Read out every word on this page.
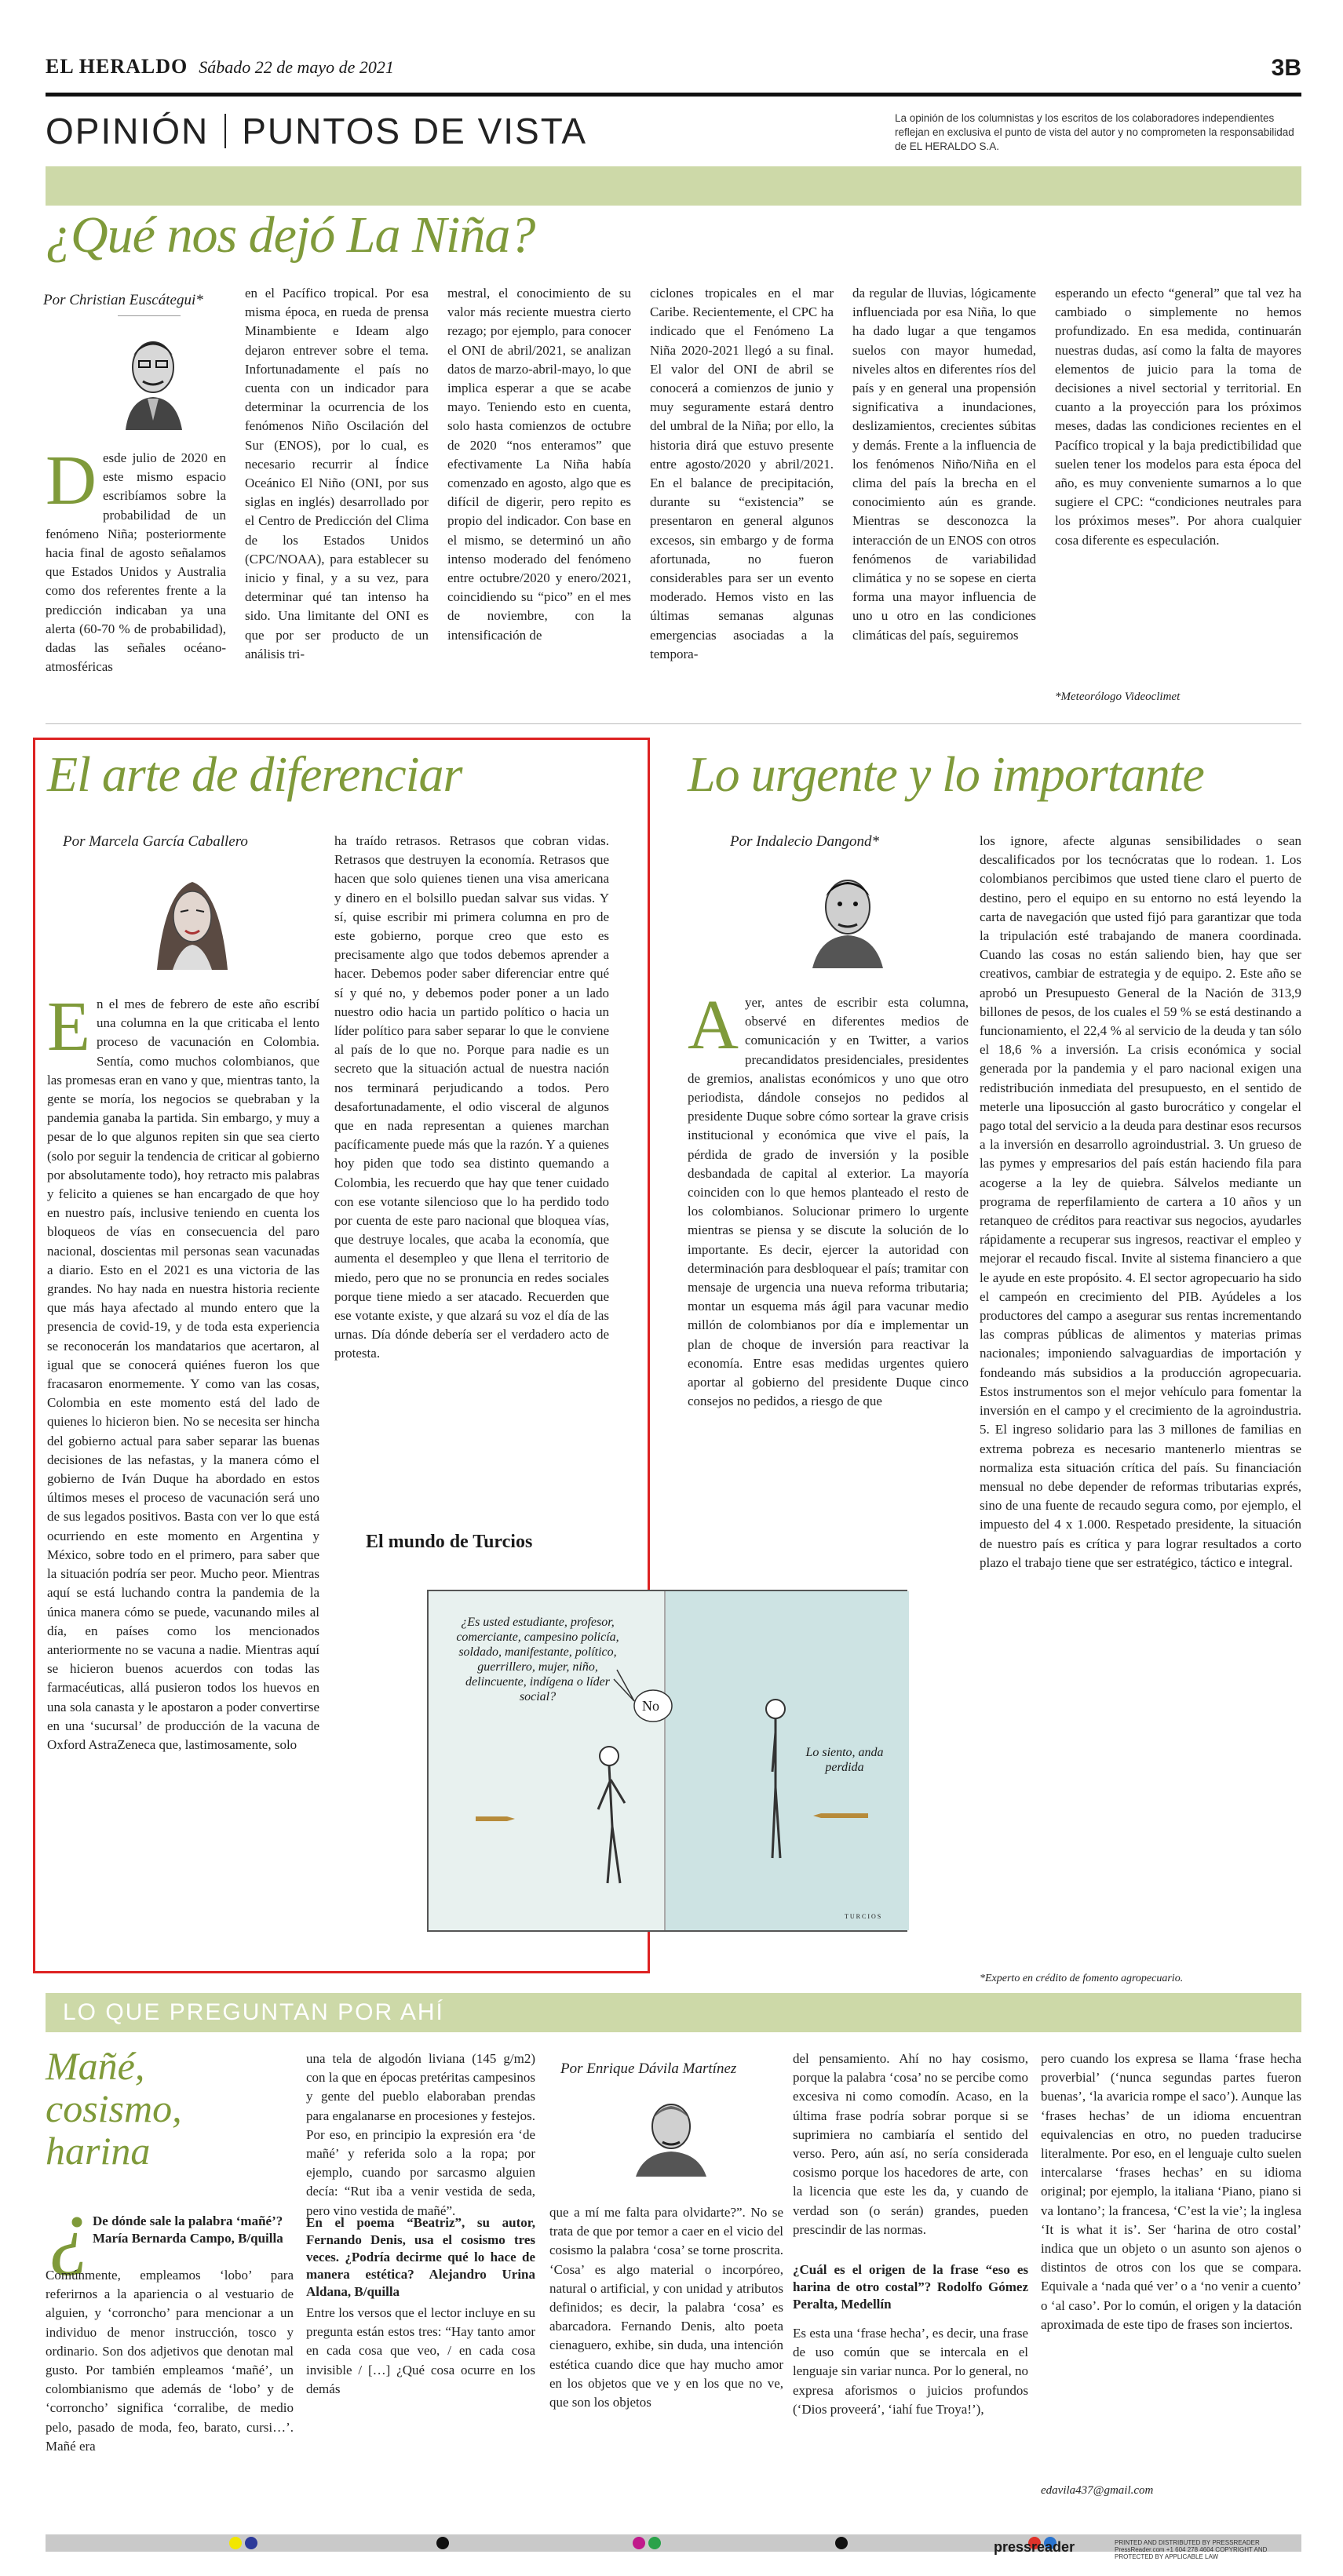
EL HERALDO Sábado 22 de mayo de 2021	3B
OPINIÓN PUNTOS DE VISTA	La opinión de los columnistas y los escritos de los colaboradores independientes reflejan en exclusiva el punto de vista del autor y no comprometen la responsabilidad de EL HERALDO S.A.
¿Qué nos dejó La Niña?
Por Christian Euscátegui*
Desde julio de 2020 en este mismo espacio escribíamos sobre la probabilidad de un fenómeno Niña; posteriormente hacia final de agosto señalamos que Estados Unidos y Australia como dos referentes frente a la predicción indicaban ya una alerta (60-70 % de probabilidad), dadas las señales océano-atmosféricas
en el Pacífico tropical. Por esa misma época, en rueda de prensa Minambiente e Ideam algo dejaron entrever sobre el tema. Infortunadamente el país no cuenta con un indicador para determinar la ocurrencia de los fenómenos Niño Oscilación del Sur (ENOS), por lo cual, es necesario recurrir al Índice Oceánico El Niño (ONI, por sus siglas en inglés) desarrollado por el Centro de Predicción del Clima de los Estados Unidos (CPC/NOAA), para establecer su inicio y final, y a su vez, para determinar qué tan intenso ha sido. Una limitante del ONI es que por ser producto de un análisis tri-
mestral, el conocimiento de su valor más reciente muestra cierto rezago; por ejemplo, para conocer el ONI de abril/2021, se analizan datos de marzo-abril-mayo, lo que implica esperar a que se acabe mayo. Teniendo esto en cuenta, solo hasta comienzos de octubre de 2020 “nos enteramos” que efectivamente La Niña había comenzado en agosto, algo que es difícil de digerir, pero repito es propio del indicador. Con base en el mismo, se determinó un año intenso moderado del fenómeno entre octubre/2020 y enero/2021, coincidiendo su “pico” en el mes de noviembre, con la intensificación de
ciclones tropicales en el mar Caribe. Recientemente, el CPC ha indicado que el Fenómeno La Niña 2020-2021 llegó a su final. El valor del ONI de abril se conocerá a comienzos de junio y muy seguramente estará dentro del umbral de la Niña; por ello, la historia dirá que estuvo presente entre agosto/2020 y abril/2021. En el balance de precipitación, durante su “existencia” se presentaron en general algunos excesos, sin embargo y de forma afortunada, no fueron considerables para ser un evento moderado. Hemos visto en las últimas semanas algunas emergencias asociadas a la tempora-
da regular de lluvias, lógicamente influenciada por esa Niña, lo que ha dado lugar a que tengamos suelos con mayor humedad, niveles altos en diferentes ríos del país y en general una propensión significativa a inundaciones, deslizamientos, crecientes súbitas y demás. Frente a la influencia de los fenómenos Niño/Niña en el clima del país la brecha en el conocimiento aún es grande. Mientras se desconozca la interacción de un ENOS con otros fenómenos de variabilidad climática y no se sopese en cierta forma una mayor influencia de uno u otro en las condiciones climáticas del país, seguiremos
esperando un efecto “general” que tal vez ha cambiado o simplemente no hemos profundizado. En esa medida, continuarán nuestras dudas, así como la falta de mayores elementos de juicio para la toma de decisiones a nivel sectorial y territorial. En cuanto a la proyección para los próximos meses, dadas las condiciones recientes en el Pacífico tropical y la baja predictibilidad que suelen tener los modelos para esta época del año, es muy conveniente sumarnos a lo que sugiere el CPC: “condiciones neutrales para los próximos meses”. Por ahora cualquier cosa diferente es especulación.
*Meteorólogo Videoclimet
El arte de diferenciar
Por Marcela García Caballero
En el mes de febrero de este año escribí una columna en la que criticaba el lento proceso de vacunación en Colombia. Sentía, como muchos colombianos, que las promesas eran en vano y que, mientras tanto, la gente se moría, los negocios se quebraban y la pandemia ganaba la partida. Sin embargo, y muy a pesar de lo que algunos repiten sin que sea cierto (solo por seguir la tendencia de criticar al gobierno por absolutamente todo), hoy retracto mis palabras y felicito a quienes se han encargado de que hoy en nuestro país, inclusive teniendo en cuenta los bloqueos de vías en consecuencia del paro nacional, doscientas mil personas sean vacunadas a diario. Esto en el 2021 es una victoria de las grandes. No hay nada en nuestra historia reciente que más haya afectado al mundo entero que la presencia de covid-19, y de toda esta experiencia se reconocerán los mandatarios que acertaron, al igual que se conocerá quiénes fueron los que fracasaron enormemente. Y como van las cosas, Colombia en este momento está del lado de quienes lo hicieron bien. No se necesita ser hincha del gobierno actual para saber separar las buenas decisiones de las nefastas, y la manera cómo el gobierno de Iván Duque ha abordado en estos últimos meses el proceso de vacunación será uno de sus legados positivos. Basta con ver lo que está ocurriendo en este momento en Argentina y México, sobre todo en el primero, para saber que la situación podría ser peor. Mucho peor. Mientras aquí se está luchando contra la pandemia de la única manera cómo se puede, vacunando miles al día, en países como los mencionados anteriormente no se vacuna a nadie. Mientras aquí se hicieron buenos acuerdos con todas las farmacéuticas, allá pusieron todos los huevos en una sola canasta y le apostaron a poder convertirse en una ‘sucursal’ de producción de la vacuna de Oxford AstraZeneca que, lastimosamente, solo
ha traído retrasos. Retrasos que cobran vidas. Retrasos que destruyen la economía. Retrasos que hacen que solo quienes tienen una visa americana y dinero en el bolsillo puedan salvar sus vidas. Y sí, quise escribir mi primera columna en pro de este gobierno, porque creo que esto es precisamente algo que todos debemos aprender a hacer. Debemos poder saber diferenciar entre qué sí y qué no, y debemos poder poner a un lado nuestro odio hacia un partido político o hacia un líder político para saber separar lo que le conviene al país de lo que no. Porque para nadie es un secreto que la situación actual de nuestra nación nos terminará perjudicando a todos. Pero desafortunadamente, el odio visceral de algunos que en nada representan a quienes marchan pacíficamente puede más que la razón. Y a quienes hoy piden que todo sea distinto quemando a Colombia, les recuerdo que hay que tener cuidado con ese votante silencioso que lo ha perdido todo por cuenta de este paro nacional que bloquea vías, que destruye locales, que acaba la economía, que aumenta el desempleo y que llena el territorio de miedo, pero que no se pronuncia en redes sociales porque tiene miedo a ser atacado. Recuerden que ese votante existe, y que alzará su voz el día de las urnas. Día dónde debería ser el verdadero acto de protesta.
Lo urgente y lo importante
Por Indalecio Dangond*
Ayer, antes de escribir esta columna, observé en diferentes medios de comunicación y en Twitter, a varios precandidatos presidenciales, presidentes de gremios, analistas económicos y uno que otro periodista, dándole consejos no pedidos al presidente Duque sobre cómo sortear la grave crisis institucional y económica que vive el país, la pérdida de grado de inversión y la posible desbandada de capital al exterior. La mayoría coinciden con lo que hemos planteado el resto de los colombianos. Solucionar primero lo urgente mientras se piensa y se discute la solución de lo importante. Es decir, ejercer la autoridad con determinación para desbloquear el país; tramitar con mensaje de urgencia una nueva reforma tributaria; montar un esquema más ágil para vacunar medio millón de colombianos por día e implementar un plan de choque de inversión para reactivar la economía. Entre esas medidas urgentes quiero aportar al gobierno del presidente Duque cinco consejos no pedidos, a riesgo de que
los ignore, afecte algunas sensibilidades o sean descalificados por los tecnócratas que lo rodean. 1. Los colombianos percibimos que usted tiene claro el puerto de destino, pero el equipo en su entorno no está leyendo la carta de navegación que usted fijó para garantizar que toda la tripulación esté trabajando de manera coordinada. Cuando las cosas no están saliendo bien, hay que ser creativos, cambiar de estrategia y de equipo. 2. Este año se aprobó un Presupuesto General de la Nación de 313,9 billones de pesos, de los cuales el 59 % se está destinando a funcionamiento, el 22,4 % al servicio de la deuda y tan sólo el 18,6 % a inversión. La crisis económica y social generada por la pandemia y el paro nacional exigen una redistribución inmediata del presupuesto, en el sentido de meterle una liposucción al gasto burocrático y congelar el pago total del servicio a la deuda para destinar esos recursos a la inversión en desarrollo agroindustrial. 3. Un grueso de las pymes y empresarios del país están haciendo fila para acogerse a la ley de quiebra. Sálvelos mediante un programa de reperfilamiento de cartera a 10 años y un retanqueo de créditos para reactivar sus negocios, ayudarles rápidamente a recuperar sus ingresos, reactivar el empleo y mejorar el recaudo fiscal. Invite al sistema financiero a que le ayude en este propósito. 4. El sector agropecuario ha sido el campeón en crecimiento del PIB. Ayúdeles a los productores del campo a asegurar sus rentas incrementando las compras públicas de alimentos y materias primas nacionales; imponiendo salvaguardias de importación y fondeando más subsidios a la producción agropecuaria. Estos instrumentos son el mejor vehículo para fomentar la inversión en el campo y el crecimiento de la agroindustria. 5. El ingreso solidario para las 3 millones de familias en extrema pobreza es necesario mantenerlo mientras se normaliza esta situación crítica del país. Su financiación mensual no debe depender de reformas tributarias exprés, sino de una fuente de recaudo segura como, por ejemplo, el impuesto del 4 x 1.000. Respetado presidente, la situación de nuestro país es crítica y para lograr resultados a corto plazo el trabajo tiene que ser estratégico, táctico e integral.
*Experto en crédito de fomento agropecuario.
El mundo de Turcios
¿Es usted estudiante, profesor, comerciante, campesino policía, soldado, manifestante, político, guerrillero, mujer, niño, delincuente, indígena o líder social?
No
Lo siento, anda perdida
TURCIOS
LO QUE PREGUNTAN POR AHÍ
Mañé, cosismo, harina
¿ De dónde sale la palabra ‘mañé’? María Bernarda Campo, B/quilla
Comúnmente, empleamos ‘lobo’ para referirnos a la apariencia o al vestuario de alguien, y ‘corroncho’ para mencionar a un individuo de menor instrucción, tosco y ordinario. Son dos adjetivos que denotan mal gusto. Por también empleamos ‘mañé’, un colombianismo que además de ‘lobo’ y de ‘corroncho’ significa ‘corralibe, de medio pelo, pasado de moda, feo, barato, cursi…’. Mañé era
una tela de algodón liviana (145 g/m2) con la que en épocas pretéritas campesinos y gente del pueblo elaboraban prendas para engalanarse en procesiones y festejos. Por eso, en principio la expresión era ‘de mañé’ y referida solo a la ropa; por ejemplo, cuando por sarcasmo alguien decía: “Rut iba a venir vestida de seda, pero vino vestida de mañé”.
En el poema “Beatriz”, su autor, Fernando Denis, usa el cosismo tres veces. ¿Podría decirme qué lo hace de manera estética? Alejandro Urina Aldana, B/quilla
Entre los versos que el lector incluye en su pregunta están estos tres: “Hay tanto amor en cada cosa que veo, / en cada cosa invisible / […] ¿Qué cosa ocurre en los demás
Por Enrique Dávila Martínez
que a mí me falta para olvidarte?”. No se trata de que por temor a caer en el vicio del cosismo la palabra ‘cosa’ se torne proscrita. ‘Cosa’ es algo material o incorpóreo, natural o artificial, y con unidad y atributos definidos; es decir, la palabra ‘cosa’ es abarcadora. Fernando Denis, alto poeta cienaguero, exhibe, sin duda, una intención estética cuando dice que hay mucho amor en los objetos que ve y en los que no ve, que son los objetos
del pensamiento. Ahí no hay cosismo, porque la palabra ‘cosa’ no se percibe como excesiva ni como comodín. Acaso, en la última frase podría sobrar porque si se suprimiera no cambiaría el sentido del verso. Pero, aún así, no sería considerada cosismo porque los hacedores de arte, con la licencia que este les da, y cuando de verdad son (o serán) grandes, pueden prescindir de las normas.
¿Cuál es el origen de la frase “eso es harina de otro costal”? Rodolfo Gómez Peralta, Medellín
Es esta una ‘frase hecha’, es decir, una frase de uso común que se intercala en el lenguaje sin variar nunca. Por lo general, no expresa aforismos o juicios profundos (‘Dios proveerá’, ‘iahí fue Troya!’),
pero cuando los expresa se llama ‘frase hecha proverbial’ (‘nunca segundas partes fueron buenas’, ‘la avaricia rompe el saco’). Aunque las ‘frases hechas’ de un idioma encuentran equivalencias en otro, no pueden traducirse literalmente. Por eso, en el lenguaje culto suelen intercalarse ‘frases hechas’ en su idioma original; por ejemplo, la italiana ‘Piano, piano si va lontano’; la francesa, ‘C’est la vie’; la inglesa ‘It is what it is’. Ser ‘harina de otro costal’ indica que un objeto o un asunto son ajenos o distintos de otros con los que se compara. Equivale a ‘nada qué ver’ o a ‘no venir a cuento’ o ‘al caso’. Por lo común, el origen y la datación aproximada de este tipo de frases son inciertos.
edavila437@gmail.com
pressreader	PRINTED AND DISTRIBUTED BY PRESSREADER PressReader.com +1 604 278 4604 COPYRIGHT AND PROTECTED BY APPLICABLE LAW
